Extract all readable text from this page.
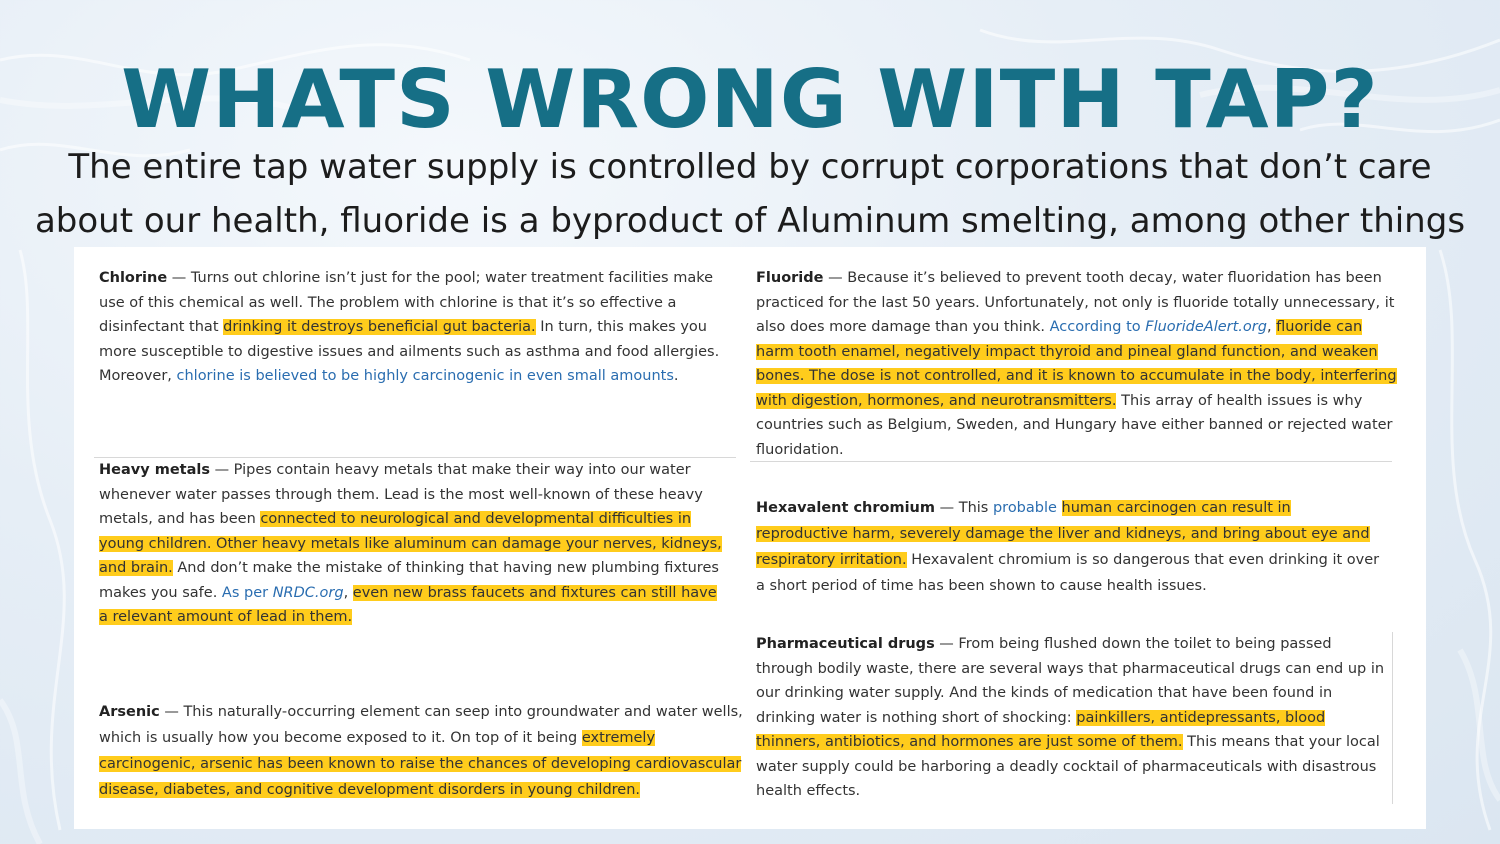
WHATS WRONG WITH TAP?

The entire tap water supply is controlled by corrupt corporations that don’t care about our health, fluoride is a byproduct of Aluminum smelting, among other things

Chlorine — Turns out chlorine isn’t just for the pool; water treatment facilities make use of this chemical as well. The problem with chlorine is that it’s so effective a disinfectant that drinking it destroys beneficial gut bacteria. In turn, this makes you more susceptible to digestive issues and ailments such as asthma and food allergies. Moreover, chlorine is believed to be highly carcinogenic in even small amounts.
Heavy metals — Pipes contain heavy metals that make their way into our water whenever water passes through them. Lead is the most well-known of these heavy metals, and has been connected to neurological and developmental difficulties in young children. Other heavy metals like aluminum can damage your nerves, kidneys, and brain. And don’t make the mistake of thinking that having new plumbing fixtures makes you safe. As per NRDC.org, even new brass faucets and fixtures can still have a relevant amount of lead in them.
Arsenic — This naturally-occurring element can seep into groundwater and water wells, which is usually how you become exposed to it. On top of it being extremely carcinogenic, arsenic has been known to raise the chances of developing cardiovascular disease, diabetes, and cognitive development disorders in young children.
Fluoride — Because it’s believed to prevent tooth decay, water fluoridation has been practiced for the last 50 years. Unfortunately, not only is fluoride totally unnecessary, it also does more damage than you think. According to FluorideAlert.org, fluoride can harm tooth enamel, negatively impact thyroid and pineal gland function, and weaken bones. The dose is not controlled, and it is known to accumulate in the body, interfering with digestion, hormones, and neurotransmitters. This array of health issues is why countries such as Belgium, Sweden, and Hungary have either banned or rejected water fluoridation.
Hexavalent chromium — This probable human carcinogen can result in reproductive harm, severely damage the liver and kidneys, and bring about eye and respiratory irritation. Hexavalent chromium is so dangerous that even drinking it over a short period of time has been shown to cause health issues.
Pharmaceutical drugs — From being flushed down the toilet to being passed through bodily waste, there are several ways that pharmaceutical drugs can end up in our drinking water supply. And the kinds of medication that have been found in drinking water is nothing short of shocking: painkillers, antidepressants, blood thinners, antibiotics, and hormones are just some of them. This means that your local water supply could be harboring a deadly cocktail of pharmaceuticals with disastrous health effects.
